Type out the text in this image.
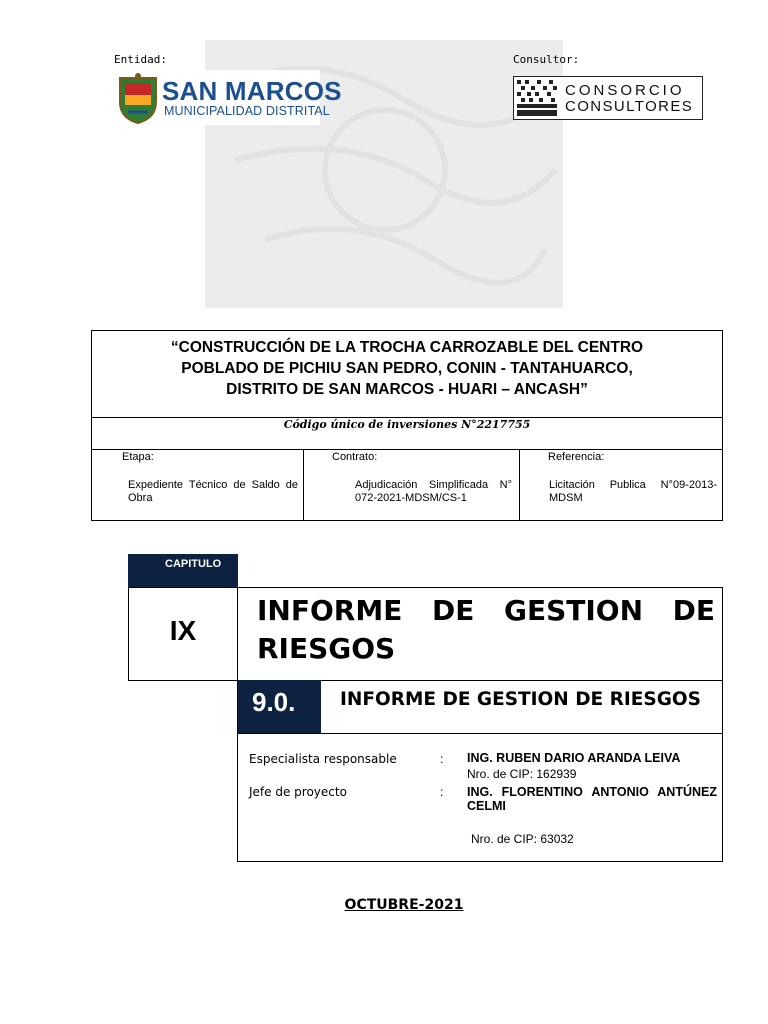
Entidad:	Consultor:
SAN MARCOS
MUNICIPALIDAD DISTRITAL
CONSORCIO
CONSULTORES
“CONSTRUCCIÓN DE LA TROCHA CARROZABLE DEL CENTRO
POBLADO DE PICHIU SAN PEDRO, CONIN - TANTAHUARCO,
DISTRITO DE SAN MARCOS - HUARI – ANCASH”
Código único de inversiones N°2217755
Etapa:
Expediente Técnico de Saldo de Obra
Contrato:
Adjudicación Simplificada N° 072-2021-MDSM/CS-1
Referencia:
Licitación Publica N°09-2013-MDSM
CAPITULO
IX
INFORME DE GESTION DE
RIESGOS
9.0.	INFORME DE GESTION DE RIESGOS
Especialista responsable	: ING. RUBEN DARIO ARANDA LEIVA
Nro. de CIP: 162939
Jefe de proyecto	: ING. FLORENTINO ANTONIO ANTÚNEZ CELMI
Nro. de CIP: 63032
OCTUBRE-2021
